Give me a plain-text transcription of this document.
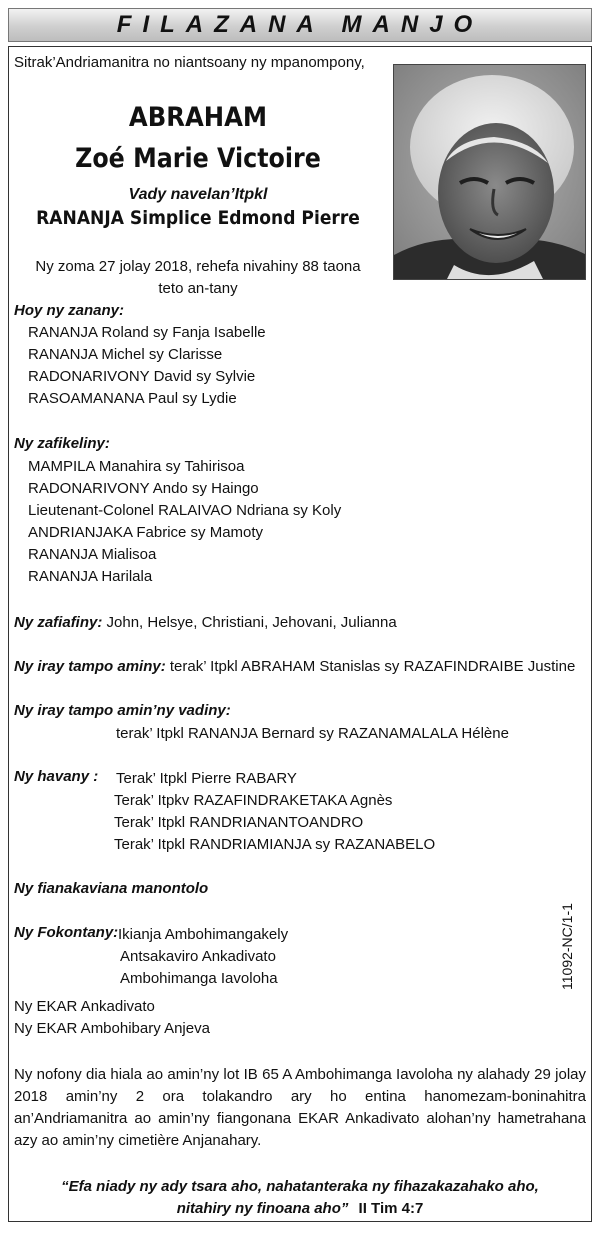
FILAZANA MANJO
Sitrak’Andriamanitra no niantsoany ny mpanompony,
ABRAHAM
Zoé Marie Victoire
Vady navelan’Itpkl
RANANJA Simplice Edmond Pierre
Ny zoma 27 jolay 2018, rehefa nivahiny 88 taona
teto an-tany
Hoy ny zanany:
RANANJA Roland sy Fanja Isabelle
RANANJA Michel sy Clarisse
RADONARIVONY David sy Sylvie
RASOAMANANA Paul sy Lydie
Ny zafikeliny:
MAMPILA Manahira sy Tahirisoa
RADONARIVONY Ando sy Haingo
Lieutenant-Colonel RALAIVAO Ndriana sy Koly
ANDRIANJAKA Fabrice sy Mamoty
RANANJA Mialisoa
RANANJA Harilala
Ny zafiafiny: John, Helsye, Christiani, Jehovani, Julianna
Ny iray tampo aminy: terak’ Itpkl ABRAHAM Stanislas sy RAZAFINDRAIBE Justine
Ny iray tampo amin’ny vadiny:
terak’ Itpkl RANANJA Bernard sy RAZANAMALALA Hélène
Ny havany : Terak’ Itpkl Pierre RABARY
Terak’ Itpkv RAZAFINDRAKETAKA Agnès
Terak’ Itpkl RANDRIANANTOANDRO
Terak’ Itpkl RANDRIAMIANJA sy RAZANABELO
Ny fianakaviana manontolo
Ny Fokontany: Ikianja Ambohimangakely
Antsakaviro Ankadivato
Ambohimanga Iavoloha
Ny EKAR Ankadivato
Ny EKAR Ambohibary Anjeva
Ny nofony dia hiala ao amin’ny lot IB 65 A Ambohimanga Iavoloha ny alahady 29 jolay 2018 amin’ny 2 ora tolakandro ary ho entina hanomezam-boninahitra an’Andriamanitra ao amin’ny fiangonana EKAR Ankadivato alohan’ny hametrahana azy ao amin’ny cimetière Anjanahary.
“Efa niady ny ady tsara aho, nahatanteraka ny fihazakazahako aho,
nitahiry ny finoana aho” II Tim 4:7
11092-NC/1-1
